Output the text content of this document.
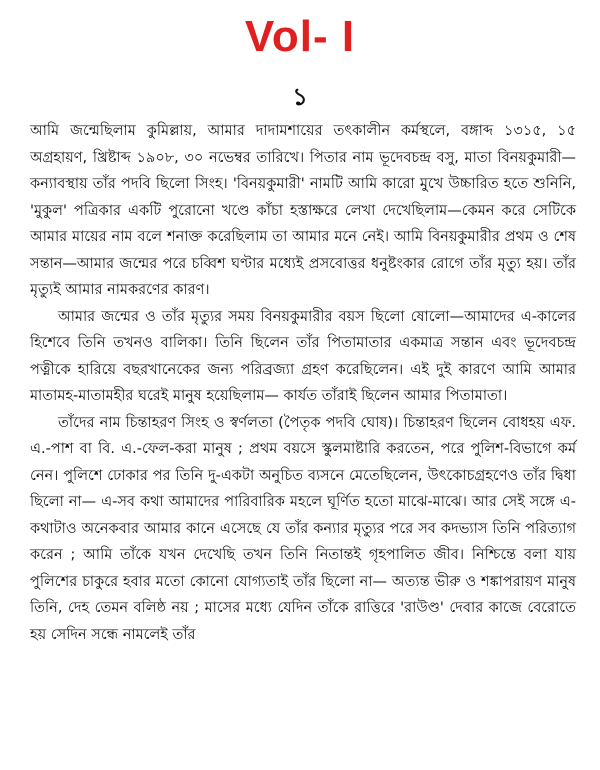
Vol- I
১

আমি জন্মেছিলাম কুমিল্লায়, আমার দাদামশায়ের তৎকালীন কর্মস্থলে, বঙ্গাব্দ ১৩১৫, ১৫ অগ্রহায়ণ, খ্রিষ্টাব্দ ১৯০৮, ৩০ নভেম্বর তারিখে। পিতার নাম ভূদেবচন্দ্র বসু, মাতা বিনয়কুমারী—কন্যাবস্থায় তাঁর পদবি ছিলো সিংহ। 'বিনয়কুমারী' নামটি আমি কারো মুখে উচ্চারিত হতে শুনিনি, 'মুকুল' পত্রিকার একটি পুরোনো খণ্ডে কাঁচা হস্তাক্ষরে লেখা দেখেছিলাম—কেমন করে সেটিকে আমার মায়ের নাম বলে শনাক্ত করেছিলাম তা আমার মনে নেই। আমি বিনয়কুমারীর প্রথম ও শেষ সন্তান—আমার জন্মের পরে চব্বিশ ঘণ্টার মধ্যেই প্রসবোত্তর ধনুষ্টংকার রোগে তাঁর মৃত্যু হয়। তাঁর মৃত্যুই আমার নামকরণের কারণ।

আমার জন্মের ও তাঁর মৃত্যুর সময় বিনয়কুমারীর বয়স ছিলো ষোলো—আমাদের এ-কালের হিশেবে তিনি তখনও বালিকা। তিনি ছিলেন তাঁর পিতামাতার একমাত্র সন্তান এবং ভূদেবচন্দ্র পত্নীকে হারিয়ে বছরখানেকের জন্য পরিব্রজ্যা গ্রহণ করেছিলেন। এই দুই কারণে আমি আমার মাতামহ-মাতামহীর ঘরেই মানুষ হয়েছিলাম— কার্যত তাঁরাই ছিলেন আমার পিতামাতা।

তাঁদের নাম চিন্তাহরণ সিংহ ও স্বর্ণলতা (পৈতৃক পদবি ঘোষ)। চিন্তাহরণ ছিলেন বোধহয় এফ. এ.-পাশ বা বি. এ.-ফেল-করা মানুষ ; প্রথম বয়সে স্কুলমাষ্টারি করতেন, পরে পুলিশ-বিভাগে কর্ম নেন। পুলিশে ঢোকার পর তিনি দু-একটা অনুচিত ব্যসনে মেতেছিলেন, উৎকোচগ্রহণেও তাঁর দ্বিধা ছিলো না— এ-সব কথা আমাদের পারিবারিক মহলে ঘূর্ণিত হতো মাঝে-মাঝে। আর সেই সঙ্গে এ-কথাটাও অনেকবার আমার কানে এসেছে যে তাঁর কন্যার মৃত্যুর পরে সব কদভ্যাস তিনি পরিত্যাগ করেন ; আমি তাঁকে যখন দেখেছি তখন তিনি নিতান্তই গৃহপালিত জীব। নিশ্চিন্তে বলা যায় পুলিশের চাকুরে হবার মতো কোনো যোগ্যতাই তাঁর ছিলো না— অত্যন্ত ভীরু ও শঙ্কাপরায়ণ মানুষ তিনি, দেহ তেমন বলিষ্ঠ নয় ; মাসের মধ্যে যেদিন তাঁকে রাত্তিরে 'রাউণ্ড' দেবার কাজে বেরোতে হয় সেদিন সন্ধে নামলেই তাঁর
